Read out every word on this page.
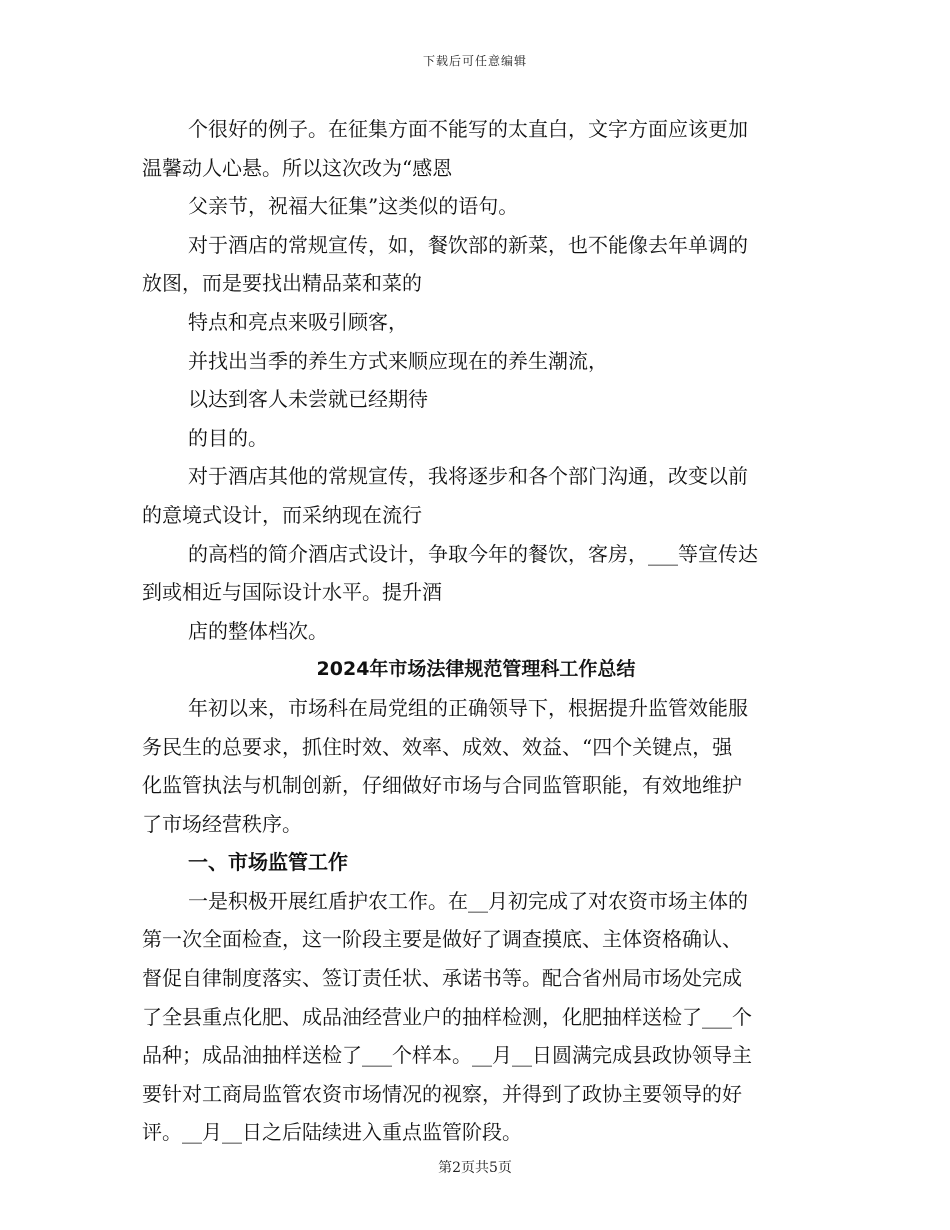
下载后可任意编辑
个很好的例子。在征集方面不能写的太直白，文字方面应该更加
温馨动人心悬。所以这次改为“感恩
父亲节，祝福大征集”这类似的语句。
对于酒店的常规宣传，如，餐饮部的新菜，也不能像去年单调的
放图，而是要找出精品菜和菜的
特点和亮点来吸引顾客，
并找出当季的养生方式来顺应现在的养生潮流，
以达到客人未尝就已经期待
的目的。
对于酒店其他的常规宣传，我将逐步和各个部门沟通，改变以前
的意境式设计，而采纳现在流行
的高档的简介酒店式设计，争取今年的餐饮，客房，___等宣传达
到或相近与国际设计水平。提升酒
店的整体档次。
2024年市场法律规范管理科工作总结
年初以来，市场科在局党组的正确领导下，根据提升监管效能服
务民生的总要求，抓住时效、效率、成效、效益、“四个关键点，强
化监管执法与机制创新，仔细做好市场与合同监管职能，有效地维护
了市场经营秩序。
一、市场监管工作
一是积极开展红盾护农工作。在__月初完成了对农资市场主体的
第一次全面检查，这一阶段主要是做好了调查摸底、主体资格确认、
督促自律制度落实、签订责任状、承诺书等。配合省州局市场处完成
了全县重点化肥、成品油经营业户的抽样检测，化肥抽样送检了___个
品种；成品油抽样送检了___个样本。__月__日圆满完成县政协领导主
要针对工商局监管农资市场情况的视察，并得到了政协主要领导的好
评。__月__日之后陆续进入重点监管阶段。
第2页共5页
